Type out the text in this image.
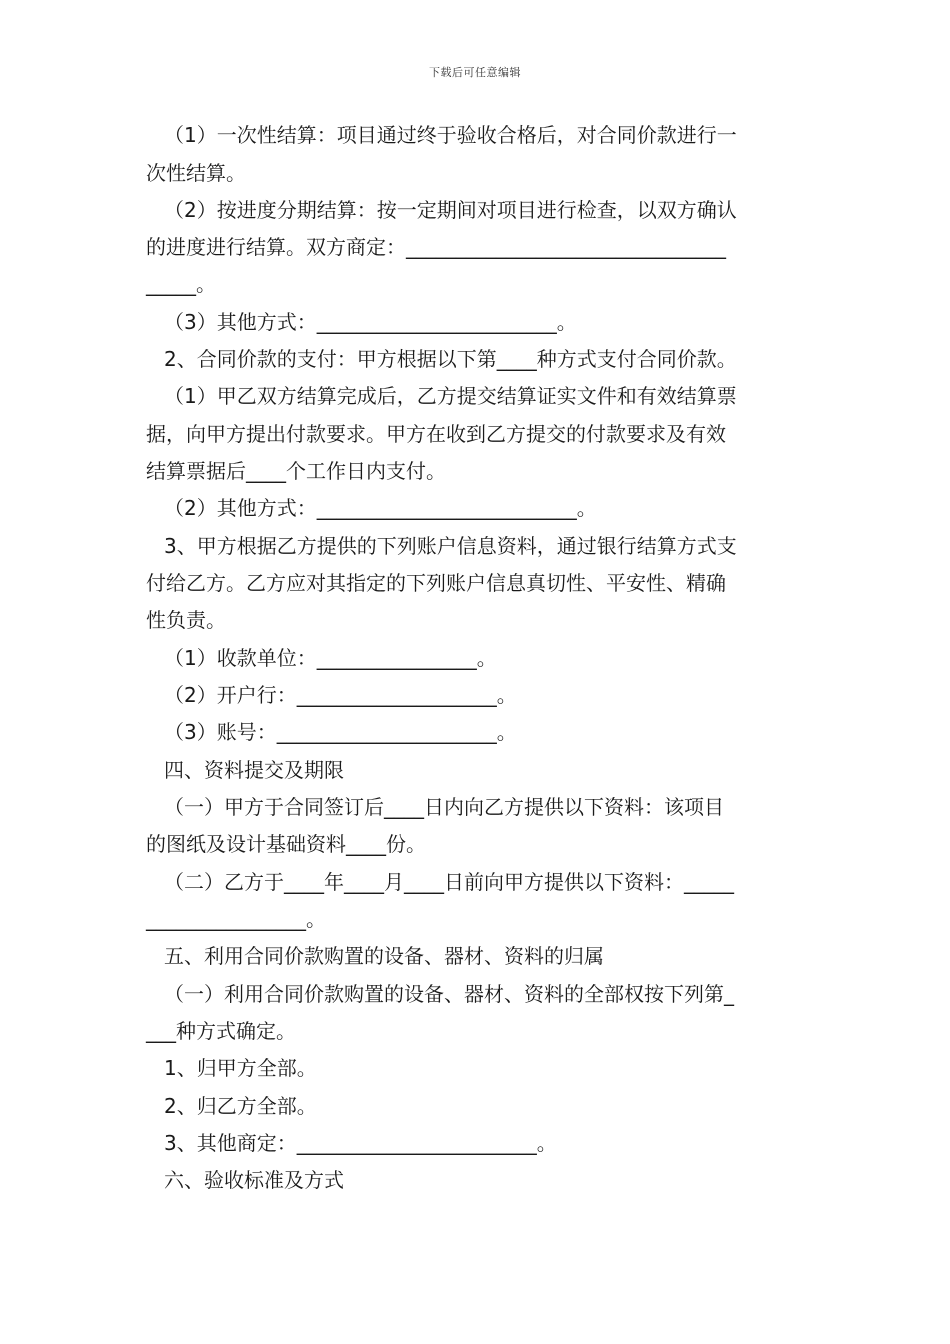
下载后可任意编辑
（1）一次性结算：项目通过终于验收合格后，对合同价款进行一
次性结算。
（2）按进度分期结算：按一定期间对项目进行检查，以双方确认
的进度进行结算。双方商定：________________________________
_____。
（3）其他方式：________________________。
2、合同价款的支付：甲方根据以下第____种方式支付合同价款。
（1）甲乙双方结算完成后，乙方提交结算证实文件和有效结算票
据，向甲方提出付款要求。甲方在收到乙方提交的付款要求及有效
结算票据后____个工作日内支付。
（2）其他方式：__________________________。
3、甲方根据乙方提供的下列账户信息资料，通过银行结算方式支
付给乙方。乙方应对其指定的下列账户信息真切性、平安性、精确
性负责。
（1）收款单位：________________。
（2）开户行：____________________。
（3）账号：______________________。
四、资料提交及期限
（一）甲方于合同签订后____日内向乙方提供以下资料：该项目
的图纸及设计基础资料____份。
（二）乙方于____年____月____日前向甲方提供以下资料：_____
________________。
五、利用合同价款购置的设备、器材、资料的归属
（一）利用合同价款购置的设备、器材、资料的全部权按下列第_
___种方式确定。
1、归甲方全部。
2、归乙方全部。
3、其他商定：________________________。
六、验收标准及方式
